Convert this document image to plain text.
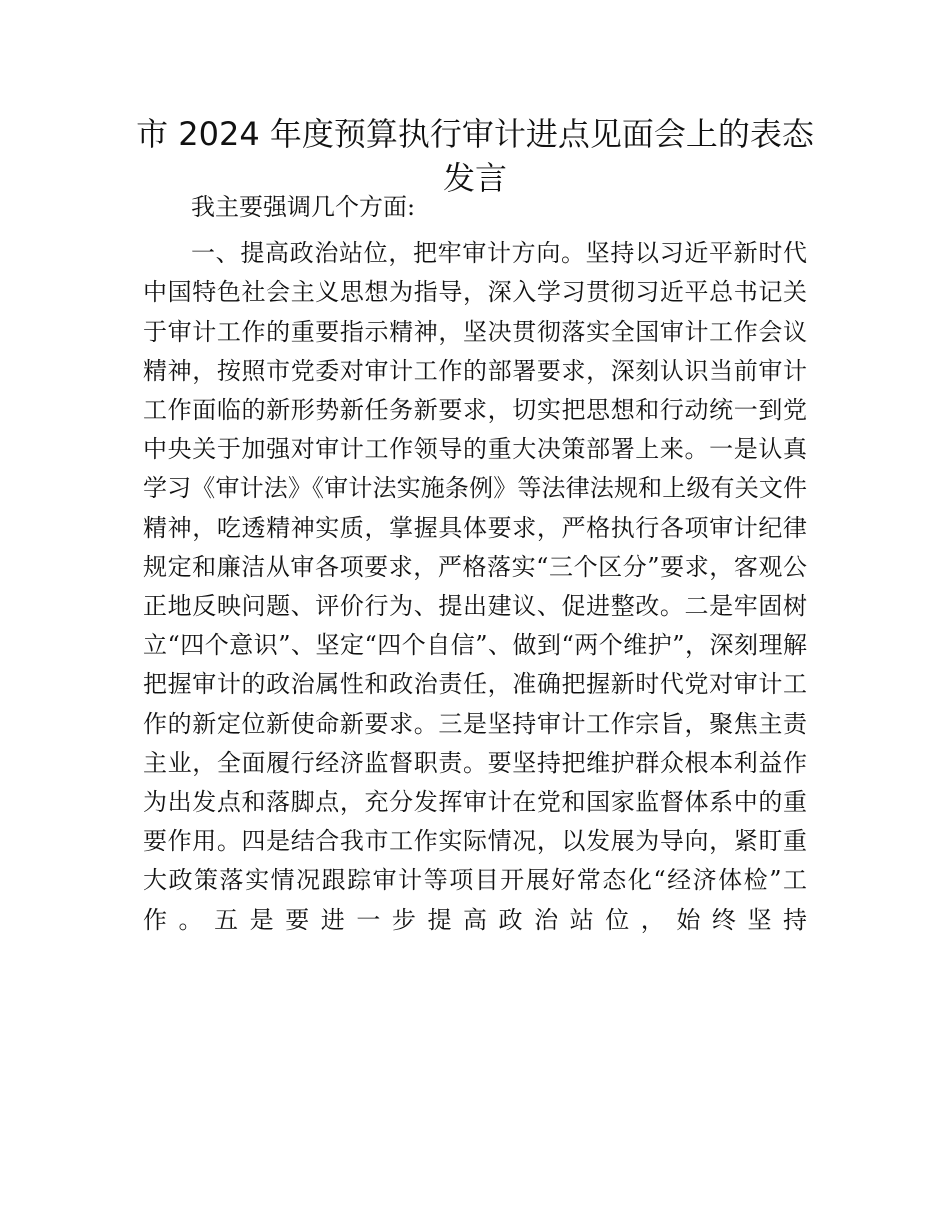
市 2024 年度预算执行审计进点见面会上的表态
发言

我主要强调几个方面:

一、提高政治站位，把牢审计方向。坚持以习近平新时代中国特色社会主义思想为指导，深入学习贯彻习近平总书记关于审计工作的重要指示精神，坚决贯彻落实全国审计工作会议精神，按照市党委对审计工作的部署要求，深刻认识当前审计工作面临的新形势新任务新要求，切实把思想和行动统一到党中央关于加强对审计工作领导的重大决策部署上来。一是认真学习《审计法》《审计法实施条例》等法律法规和上级有关文件精神，吃透精神实质，掌握具体要求，严格执行各项审计纪律规定和廉洁从审各项要求，严格落实“三个区分”要求，客观公正地反映问题、评价行为、提出建议、促进整改。二是牢固树立“四个意识”、坚定“四个自信”、做到“两个维护”，深刻理解把握审计的政治属性和政治责任，准确把握新时代党对审计工作的新定位新使命新要求。三是坚持审计工作宗旨，聚焦主责主业，全面履行经济监督职责。要坚持把维护群众根本利益作为出发点和落脚点，充分发挥审计在党和国家监督体系中的重要作用。四是结合我市工作实际情况，以发展为导向，紧盯重大政策落实情况跟踪审计等项目开展好常态化“经济体检”工作。五是要进一步提高政治站位，始终坚持
